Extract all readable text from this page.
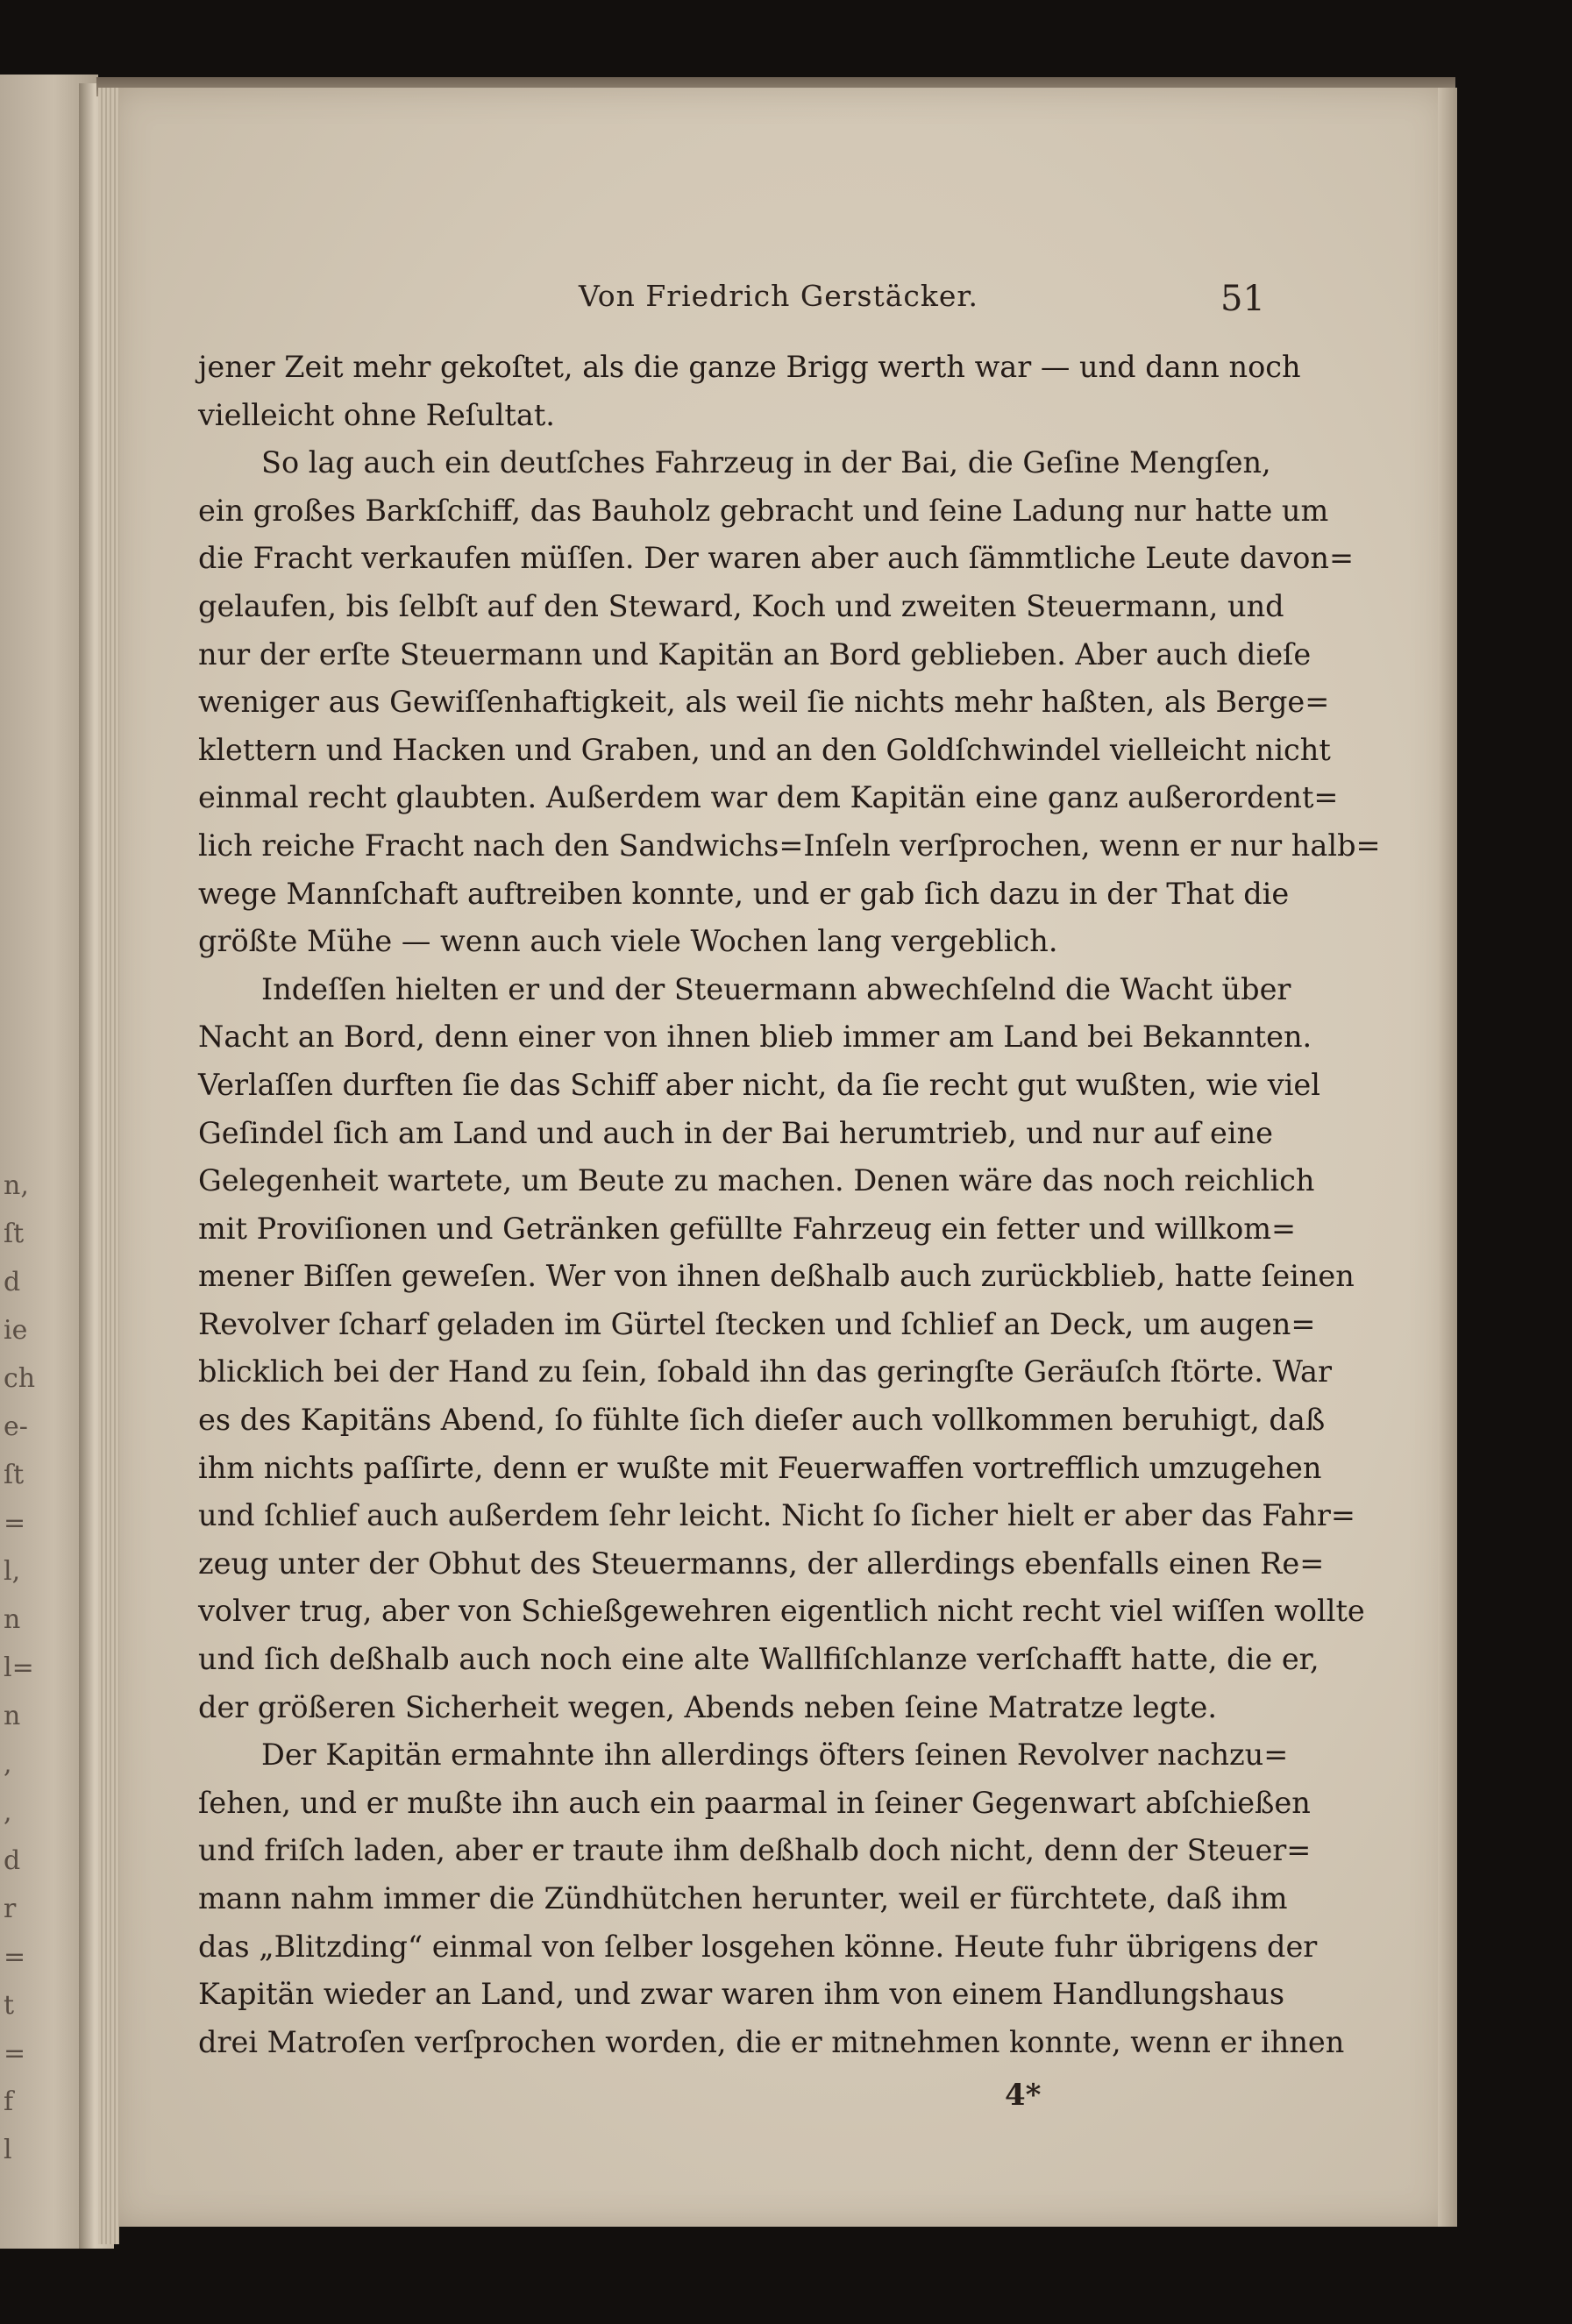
n,
ſt
d
ie
ch
e-
ſt
=
l,
n
l=
n
,
,
d
r
=
t
=
f
l
Von Friedrich Gerstäcker.	51
jener Zeit mehr gekoſtet, als die ganze Brigg werth war — und dann noch
vielleicht ohne Reſultat.
So lag auch ein deutſches Fahrzeug in der Bai, die Geſine Mengſen,
ein großes Barkſchiff, das Bauholz gebracht und ſeine Ladung nur hatte um
die Fracht verkaufen müſſen. Der waren aber auch ſämmtliche Leute davon=
gelaufen, bis ſelbſt auf den Steward, Koch und zweiten Steuermann, und
nur der erſte Steuermann und Kapitän an Bord geblieben. Aber auch dieſe
weniger aus Gewiſſenhaftigkeit, als weil ſie nichts mehr haßten, als Berge=
klettern und Hacken und Graben, und an den Goldſchwindel vielleicht nicht
einmal recht glaubten. Außerdem war dem Kapitän eine ganz außerordent=
lich reiche Fracht nach den Sandwichs=Inſeln verſprochen, wenn er nur halb=
wege Mannſchaft auftreiben konnte, und er gab ſich dazu in der That die
größte Mühe — wenn auch viele Wochen lang vergeblich.
Indeſſen hielten er und der Steuermann abwechſelnd die Wacht über
Nacht an Bord, denn einer von ihnen blieb immer am Land bei Bekannten.
Verlaſſen durften ſie das Schiff aber nicht, da ſie recht gut wußten, wie viel
Geſindel ſich am Land und auch in der Bai herumtrieb, und nur auf eine
Gelegenheit wartete, um Beute zu machen. Denen wäre das noch reichlich
mit Proviſionen und Getränken gefüllte Fahrzeug ein fetter und willkom=
mener Biſſen geweſen. Wer von ihnen deßhalb auch zurückblieb, hatte ſeinen
Revolver ſcharf geladen im Gürtel ſtecken und ſchlief an Deck, um augen=
blicklich bei der Hand zu ſein, ſobald ihn das geringſte Geräuſch ſtörte. War
es des Kapitäns Abend, ſo fühlte ſich dieſer auch vollkommen beruhigt, daß
ihm nichts paſſirte, denn er wußte mit Feuerwaffen vortrefflich umzugehen
und ſchlief auch außerdem ſehr leicht. Nicht ſo ſicher hielt er aber das Fahr=
zeug unter der Obhut des Steuermanns, der allerdings ebenfalls einen Re=
volver trug, aber von Schießgewehren eigentlich nicht recht viel wiſſen wollte
und ſich deßhalb auch noch eine alte Wallfiſchlanze verſchafft hatte, die er,
der größeren Sicherheit wegen, Abends neben ſeine Matratze legte.
Der Kapitän ermahnte ihn allerdings öfters ſeinen Revolver nachzu=
ſehen, und er mußte ihn auch ein paarmal in ſeiner Gegenwart abſchießen
und friſch laden, aber er traute ihm deßhalb doch nicht, denn der Steuer=
mann nahm immer die Zündhütchen herunter, weil er fürchtete, daß ihm
das „Blitzding“ einmal von ſelber losgehen könne. Heute fuhr übrigens der
Kapitän wieder an Land, und zwar waren ihm von einem Handlungshaus
drei Matroſen verſprochen worden, die er mitnehmen konnte, wenn er ihnen
4*
